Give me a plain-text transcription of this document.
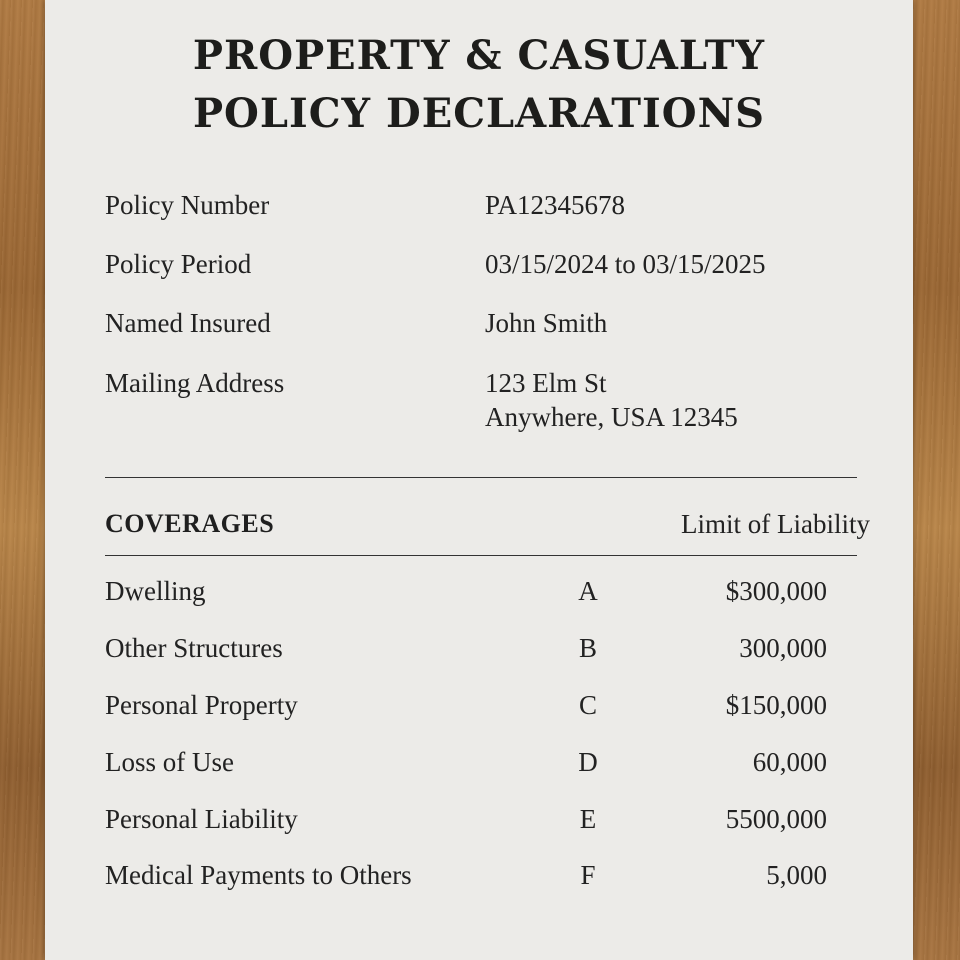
PROPERTY & CASUALTY
POLICY DECLARATIONS
Policy Number	PA12345678
Policy Period	03/15/2024 to 03/15/2025
Named Insured	John Smith
Mailing Address	123 Elm St
Anywhere, USA 12345
COVERAGES	Limit of Liability
Dwelling	A	$300,000
Other Structures	B	300,000
Personal Property	C	$150,000
Loss of Use	D	60,000
Personal Liability	E	5500,000
Medical Payments to Others	F	5,000
